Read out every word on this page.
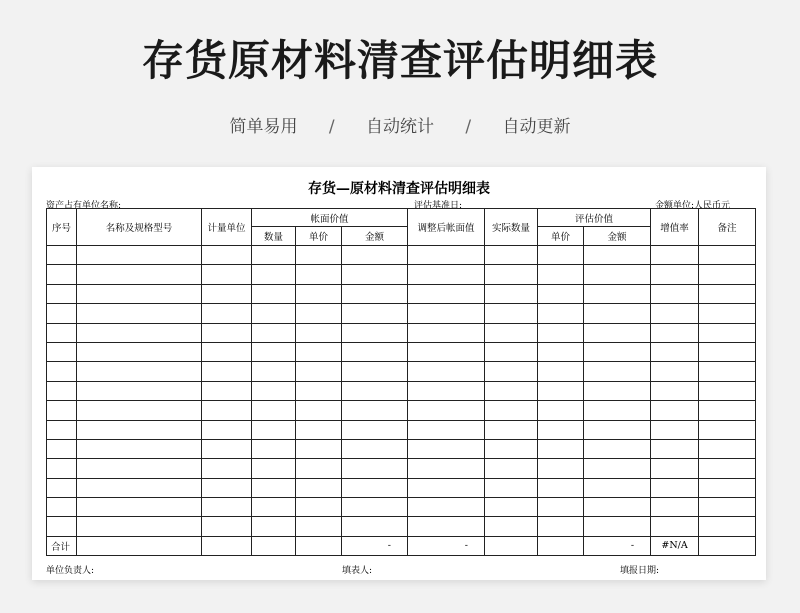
存货原材料清查评估明细表
简单易用 / 自动统计 / 自动更新
存货—原材料清查评估明细表
资产占有单位名称:	评估基准日:	金额单位:人民币元
序号	名称及规格型号	计量单位	帐面价值			调整后帐面值	实际数量	评估价值		增值率	备注
			数量	单价	金额			单价	金额		

合计					-	-			-	#N/A	
单位负责人:	填表人:	填报日期:
